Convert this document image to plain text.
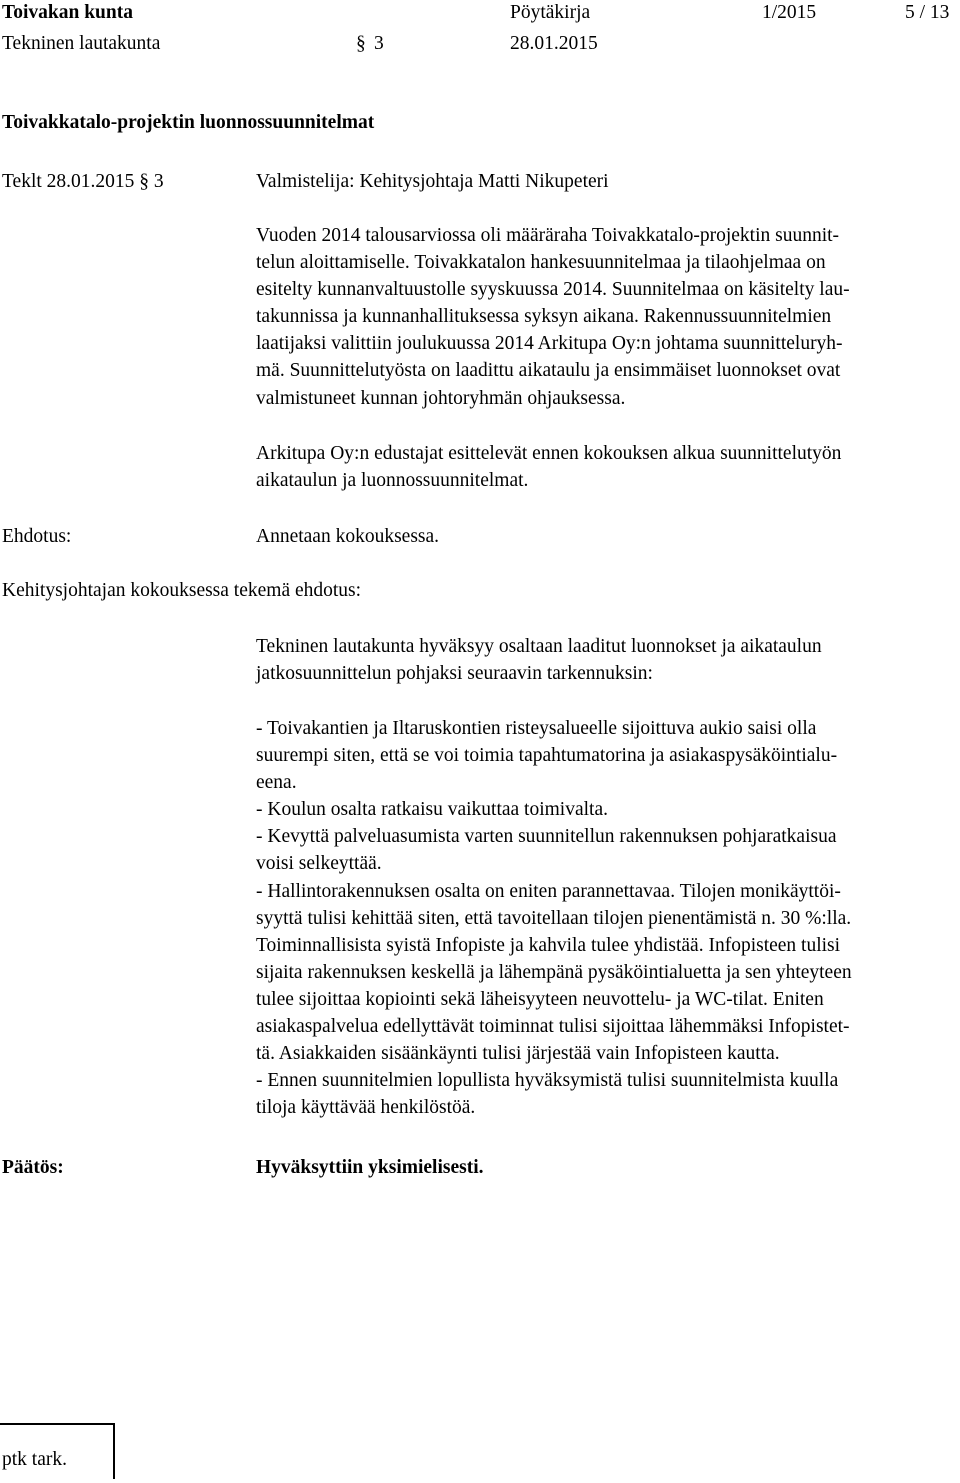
Toivakan kunta	Pöytäkirja	1/2015	5 / 13
Tekninen lautakunta	§ 3	28.01.2015
Toivakkatalo-projektin luonnossuunnitelmat
Teklt 28.01.2015 § 3	Valmistelija: Kehitysjohtaja Matti Nikupeteri
Vuoden 2014 talousarviossa oli määräraha Toivakkatalo-projektin suunnit-
telun aloittamiselle. Toivakkatalon hankesuunnitelmaa ja tilaohjelmaa on
esitelty kunnanvaltuustolle syyskuussa 2014. Suunnitelmaa on käsitelty lau-
takunnissa ja kunnanhallituksessa syksyn aikana. Rakennussuunnitelmien
laatijaksi valittiin joulukuussa 2014 Arkitupa Oy:n johtama suunnitteluryh-
mä. Suunnittelutyösta on laadittu aikataulu ja ensimmäiset luonnokset ovat
valmistuneet kunnan johtoryhmän ohjauksessa.
Arkitupa Oy:n edustajat esittelevät ennen kokouksen alkua suunnittelutyön
aikataulun ja luonnossuunnitelmat.
Ehdotus:	Annetaan kokouksessa.
Kehitysjohtajan kokouksessa tekemä ehdotus:
Tekninen lautakunta hyväksyy osaltaan laaditut luonnokset ja aikataulun
jatkosuunnittelun pohjaksi seuraavin tarkennuksin:
- Toivakantien ja Iltaruskontien risteysalueelle sijoittuva aukio saisi olla
suurempi siten, että se voi toimia tapahtumatorina ja asiakaspysäköintialu-
eena.
- Koulun osalta ratkaisu vaikuttaa toimivalta.
- Kevyttä palveluasumista varten suunnitellun rakennuksen pohjaratkaisua
voisi selkeyttää.
- Hallintorakennuksen osalta on eniten parannettavaa. Tilojen monikäyttöi-
syyttä tulisi kehittää siten, että tavoitellaan tilojen pienentämistä n. 30 %:lla.
Toiminnallisista syistä Infopiste ja kahvila tulee yhdistää. Infopisteen tulisi
sijaita rakennuksen keskellä ja lähempänä pysäköintialuetta ja sen yhteyteen
tulee sijoittaa kopiointi sekä läheisyyteen neuvottelu- ja WC-tilat. Eniten
asiakaspalvelua edellyttävät toiminnat tulisi sijoittaa lähemmäksi Infopistet-
tä. Asiakkaiden sisäänkäynti tulisi järjestää vain Infopisteen kautta.
- Ennen suunnitelmien lopullista hyväksymistä tulisi suunnitelmista kuulla
tiloja käyttävää henkilöstöä.
Päätös:	Hyväksyttiin yksimielisesti.
ptk tark.
